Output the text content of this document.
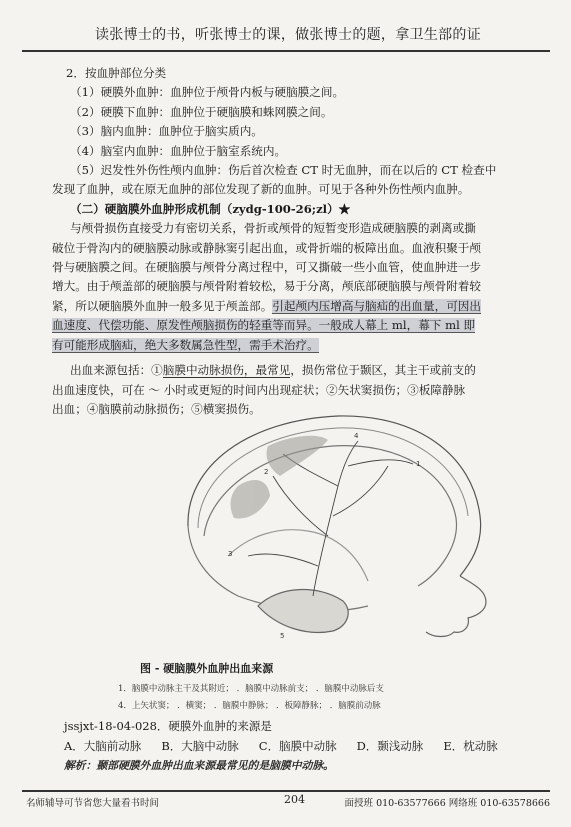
读张博士的书，听张博士的课，做张博士的题，拿卫生部的证
2．按血肿部位分类
（1）硬膜外血肿：血肿位于颅骨内板与硬脑膜之间。
（2）硬膜下血肿：血肿位于硬脑膜和蛛网膜之间。
（3）脑内血肿：血肿位于脑实质内。
（4）脑室内血肿：血肿位于脑室系统内。
（5）迟发性外伤性颅内血肿：伤后首次检查 CT 时无血肿，而在以后的 CT 检查中
发现了血肿，或在原无血肿的部位发现了新的血肿。可见于各种外伤性颅内血肿。
（二）硬脑膜外血肿形成机制（zydg-100-26;zl）★
与颅骨损伤直接受力有密切关系，骨折或颅骨的短暂变形造成硬脑膜的剥离或撕
破位于骨沟内的硬脑膜动脉或静脉窦引起出血，或骨折端的板障出血。血液积聚于颅
骨与硬脑膜之间。在硬脑膜与颅骨分离过程中，可又撕破一些小血管，使血肿进一步
增大。由于颅盖部的硬脑膜与颅骨附着较松，易于分离，颅底部硬脑膜与颅骨附着较
紧，所以硬脑膜外血肿一般多见于颅盖部。引起颅内压增高与脑疝的出血量，可因出
血速度、代偿功能、原发性颅脑损伤的轻重等而异。一般成人幕上 ml，幕下 ml 即
有可能形成脑疝，绝大多数属急性型，需手术治疗。
出血来源包括：①脑膜中动脉损伤，最常见，损伤常位于颞区，其主干或前支的
出血速度快，可在 ～ 小时或更短的时间内出现症状；②矢状窦损伤；③板障静脉
出血；④脑膜前动脉损伤；⑤横窦损伤。
4
1
2
3
5
图 - 硬脑膜外血肿出血来源
1．脑膜中动脉主干及其附近； ．脑膜中动脉前支； ．脑膜中动脉后支
4．上矢状窦； ．横窦； ．脑膜中静脉； ．板障静脉； ．脑膜前动脉
jssjxt-18-04-028．硬膜外血肿的来源是
A．大脑前动脉 B．大脑中动脉 C．脑膜中动脉 D．颞浅动脉 E．枕动脉
解析：颞部硬膜外血肿出血来源最常见的是脑膜中动脉。
名师辅导可节省您大量看书时间	204	面授班 010-63577666 网络班 010-63578666
